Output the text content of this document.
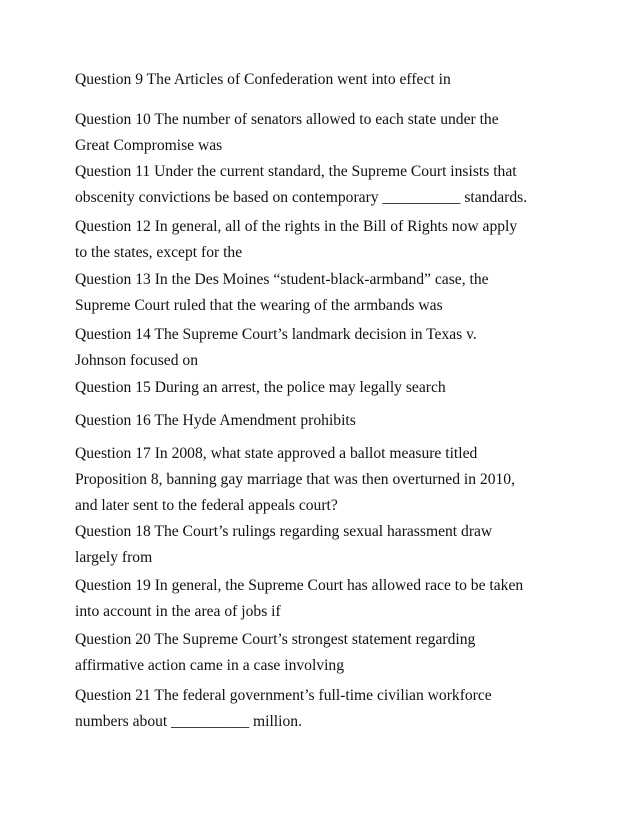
Question 9 The Articles of Confederation went into effect in

Question 10 The number of senators allowed to each state under the
Great Compromise was

Question 11 Under the current standard, the Supreme Court insists that
obscenity convictions be based on contemporary __________ standards.

Question 12 In general, all of the rights in the Bill of Rights now apply
to the states, except for the

Question 13 In the Des Moines “student-black-armband” case, the
Supreme Court ruled that the wearing of the armbands was

Question 14 The Supreme Court’s landmark decision in Texas v.
Johnson focused on

Question 15 During an arrest, the police may legally search

Question 16 The Hyde Amendment prohibits

Question 17 In 2008, what state approved a ballot measure titled
Proposition 8, banning gay marriage that was then overturned in 2010,
and later sent to the federal appeals court?

Question 18 The Court’s rulings regarding sexual harassment draw
largely from

Question 19 In general, the Supreme Court has allowed race to be taken
into account in the area of jobs if

Question 20 The Supreme Court’s strongest statement regarding
affirmative action came in a case involving

Question 21 The federal government’s full-time civilian workforce
numbers about __________ million.
